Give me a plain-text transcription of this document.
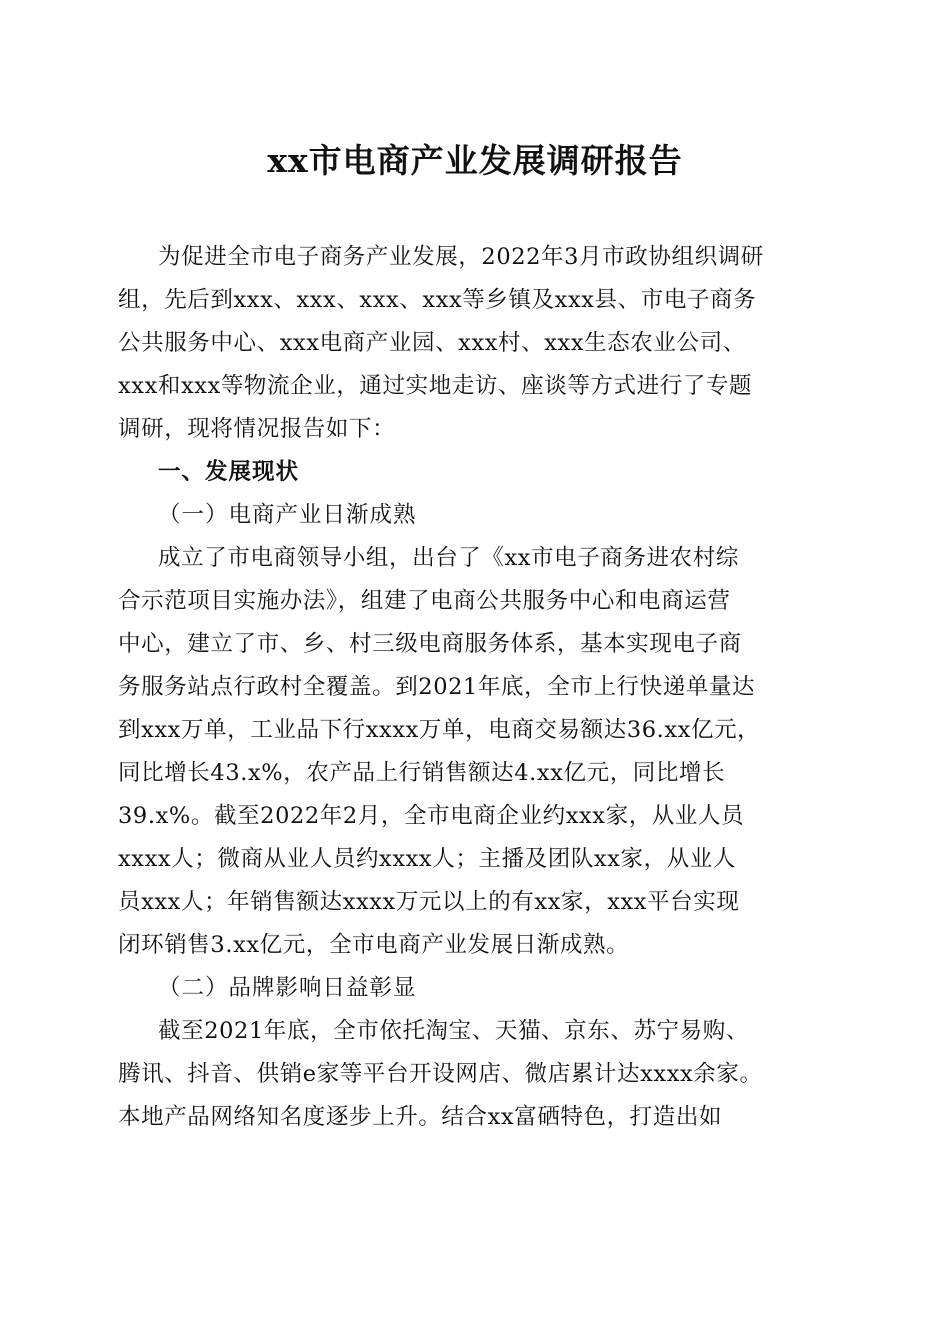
xx市电商产业发展调研报告
为促进全市电子商务产业发展，2022年3月市政协组织调研
组，先后到xxx、xxx、xxx、xxx等乡镇及xxx县、市电子商务
公共服务中心、xxx电商产业园、xxx村、xxx生态农业公司、
xxx和xxx等物流企业，通过实地走访、座谈等方式进行了专题
调研，现将情况报告如下：
一、发展现状
（一）电商产业日渐成熟
成立了市电商领导小组，出台了《xx市电子商务进农村综
合示范项目实施办法》，组建了电商公共服务中心和电商运营
中心，建立了市、乡、村三级电商服务体系，基本实现电子商
务服务站点行政村全覆盖。到2021年底，全市上行快递单量达
到xxx万单，工业品下行xxxx万单，电商交易额达36.xx亿元，
同比增长43.x%，农产品上行销售额达4.xx亿元，同比增长
39.x%。截至2022年2月，全市电商企业约xxx家，从业人员
xxxx人；微商从业人员约xxxx人；主播及团队xx家，从业人
员xxx人；年销售额达xxxx万元以上的有xx家，xxx平台实现
闭环销售3.xx亿元，全市电商产业发展日渐成熟。
（二）品牌影响日益彰显
截至2021年底，全市依托淘宝、天猫、京东、苏宁易购、
腾讯、抖音、供销e家等平台开设网店、微店累计达xxxx余家。
本地产品网络知名度逐步上升。结合xx富硒特色，打造出如
